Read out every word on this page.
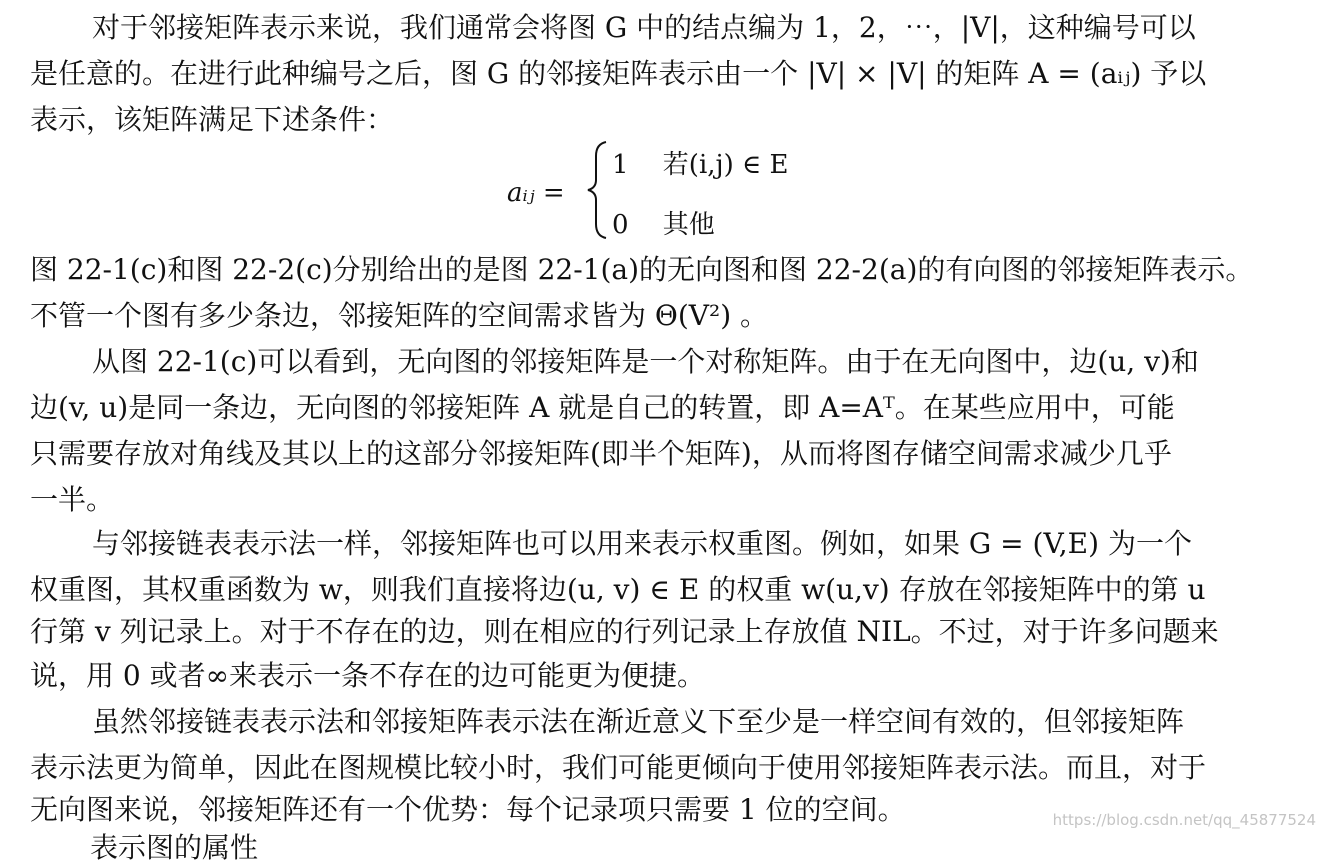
对于邻接矩阵表示来说，我们通常会将图 G 中的结点编为 1，2，⋯，|V|，这种编号可以
是任意的。在进行此种编号之后，图 G 的邻接矩阵表示由一个 |V| × |V| 的矩阵 A = (aᵢⱼ) 予以
表示，该矩阵满足下述条件：
aᵢⱼ =
1　 若(i,j) ∈ E
0　 其他
图 22-1(c)和图 22-2(c)分别给出的是图 22-1(a)的无向图和图 22-2(a)的有向图的邻接矩阵表示。
不管一个图有多少条边，邻接矩阵的空间需求皆为 Θ(V²) 。
从图 22-1(c)可以看到，无向图的邻接矩阵是一个对称矩阵。由于在无向图中，边(u, v)和
边(v, u)是同一条边，无向图的邻接矩阵 A 就是自己的转置，即 A=Aᵀ。在某些应用中，可能
只需要存放对角线及其以上的这部分邻接矩阵(即半个矩阵)，从而将图存储空间需求减少几乎
一半。
与邻接链表表示法一样，邻接矩阵也可以用来表示权重图。例如，如果 G = (V,E) 为一个
权重图，其权重函数为 w，则我们直接将边(u, v) ∈ E 的权重 w(u,v) 存放在邻接矩阵中的第 u
行第 v 列记录上。对于不存在的边，则在相应的行列记录上存放值 NIL。不过，对于许多问题来
说，用 0 或者∞来表示一条不存在的边可能更为便捷。
虽然邻接链表表示法和邻接矩阵表示法在渐近意义下至少是一样空间有效的，但邻接矩阵
表示法更为简单，因此在图规模比较小时，我们可能更倾向于使用邻接矩阵表示法。而且，对于
无向图来说，邻接矩阵还有一个优势：每个记录项只需要 1 位的空间。
表示图的属性
https://blog.csdn.net/qq_45877524
